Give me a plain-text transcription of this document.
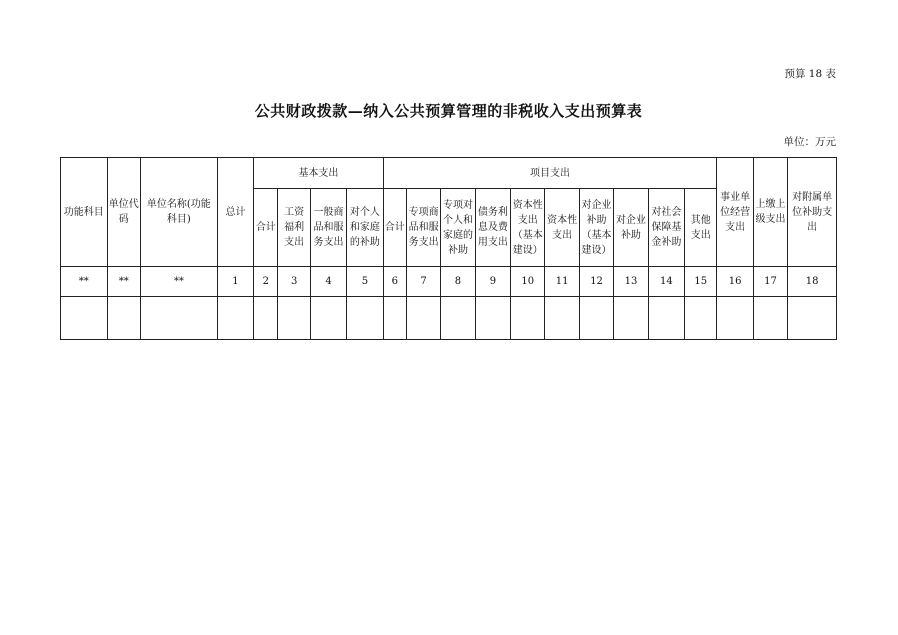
预算 18 表
公共财政拨款—纳入公共预算管理的非税收入支出预算表
单位：万元
功能科目	单位代码	单位名称(功能科目)	总计	基本支出				项目支出										事业单位经营支出	上缴上级支出	对附属单位补助支出
				合计	工资福利支出	一般商品和服务支出	对个人和家庭的补助	合计	专项商品和服务支出	专项对个人和家庭的补助	债务利息及费用支出	资本性支出（基本建设）	资本性支出	对企业补助（基本建设）	对企业补助	对社会保障基金补助	其他支出			
**	**	**	1	2	3	4	5	6	7	8	9	10	11	12	13	14	15	16	17	18
